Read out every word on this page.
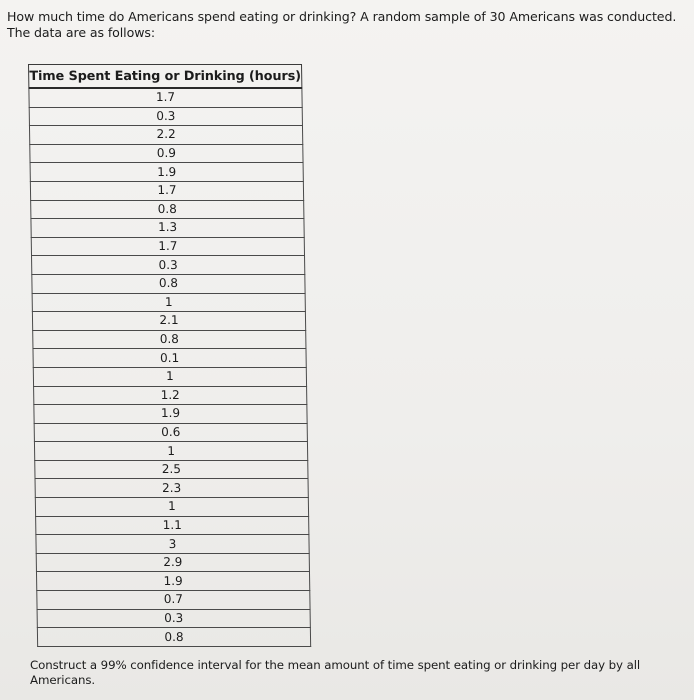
How much time do Americans spend eating or drinking? A random sample of 30 Americans was conducted.
The data are as follows:
Time Spent Eating or Drinking (hours)
1.7
0.3
2.2
0.9
1.9
1.7
0.8
1.3
1.7
0.3
0.8
1
2.1
0.8
0.1
1
1.2
1.9
0.6
1
2.5
2.3
1
1.1
3
2.9
1.9
0.7
0.3
0.8
Construct a 99% confidence interval for the mean amount of time spent eating or drinking per day by all
Americans.
